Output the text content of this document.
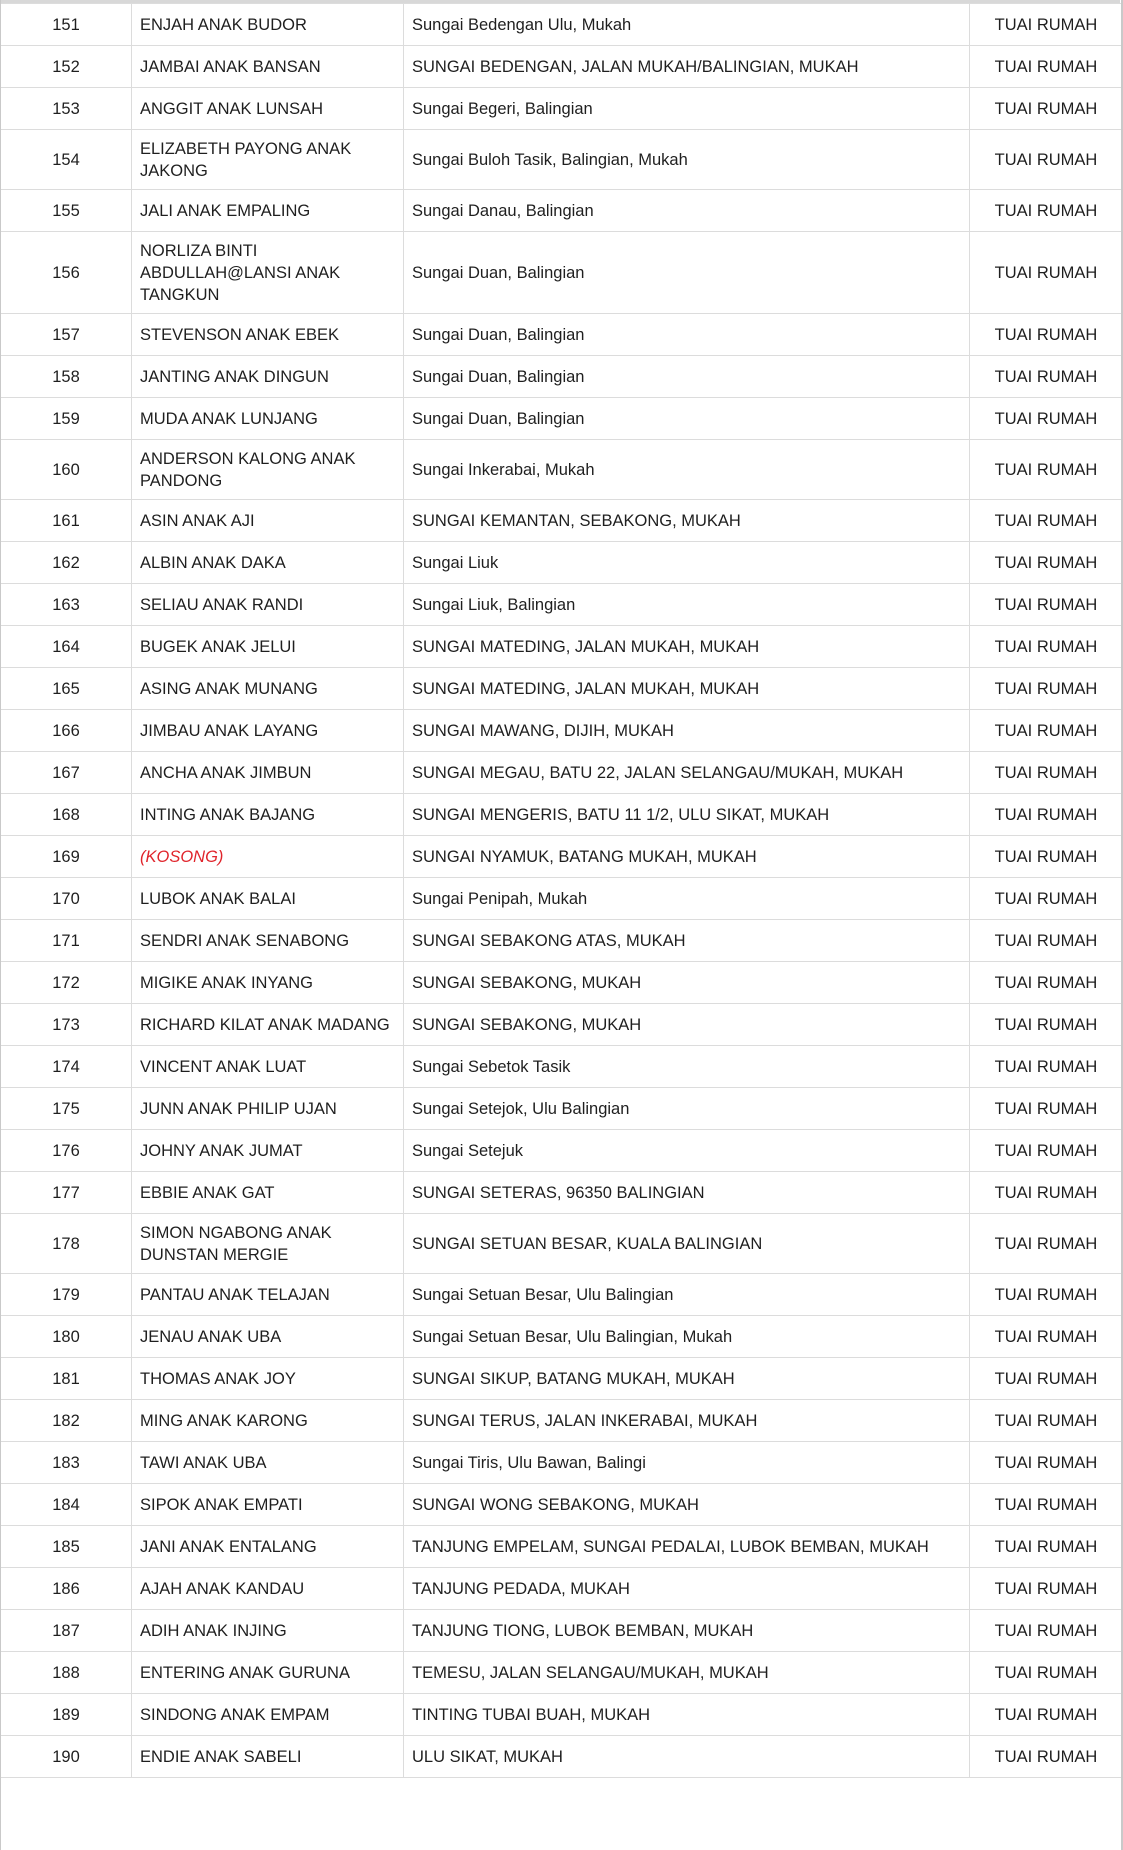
151	ENJAH ANAK BUDOR	Sungai Bedengan Ulu, Mukah	TUAI RUMAH
152	JAMBAI ANAK BANSAN	SUNGAI BEDENGAN, JALAN MUKAH/BALINGIAN, MUKAH	TUAI RUMAH
153	ANGGIT ANAK LUNSAH	Sungai Begeri, Balingian	TUAI RUMAH
154	ELIZABETH PAYONG ANAK JAKONG	Sungai Buloh Tasik, Balingian, Mukah	TUAI RUMAH
155	JALI ANAK EMPALING	Sungai Danau, Balingian	TUAI RUMAH
156	NORLIZA BINTI ABDULLAH@LANSI ANAK TANGKUN	Sungai Duan, Balingian	TUAI RUMAH
157	STEVENSON ANAK EBEK	Sungai Duan, Balingian	TUAI RUMAH
158	JANTING ANAK DINGUN	Sungai Duan, Balingian	TUAI RUMAH
159	MUDA ANAK LUNJANG	Sungai Duan, Balingian	TUAI RUMAH
160	ANDERSON KALONG ANAK PANDONG	Sungai Inkerabai, Mukah	TUAI RUMAH
161	ASIN ANAK AJI	SUNGAI KEMANTAN, SEBAKONG, MUKAH	TUAI RUMAH
162	ALBIN ANAK DAKA	Sungai Liuk	TUAI RUMAH
163	SELIAU ANAK RANDI	Sungai Liuk, Balingian	TUAI RUMAH
164	BUGEK ANAK JELUI	SUNGAI MATEDING, JALAN MUKAH, MUKAH	TUAI RUMAH
165	ASING ANAK MUNANG	SUNGAI MATEDING, JALAN MUKAH, MUKAH	TUAI RUMAH
166	JIMBAU ANAK LAYANG	SUNGAI MAWANG, DIJIH, MUKAH	TUAI RUMAH
167	ANCHA ANAK JIMBUN	SUNGAI MEGAU, BATU 22, JALAN SELANGAU/MUKAH, MUKAH	TUAI RUMAH
168	INTING ANAK BAJANG	SUNGAI MENGERIS, BATU 11 1/2, ULU SIKAT, MUKAH	TUAI RUMAH
169	(KOSONG)	SUNGAI NYAMUK, BATANG MUKAH, MUKAH	TUAI RUMAH
170	LUBOK ANAK BALAI	Sungai Penipah, Mukah	TUAI RUMAH
171	SENDRI ANAK SENABONG	SUNGAI SEBAKONG ATAS, MUKAH	TUAI RUMAH
172	MIGIKE ANAK INYANG	SUNGAI SEBAKONG, MUKAH	TUAI RUMAH
173	RICHARD KILAT ANAK MADANG	SUNGAI SEBAKONG, MUKAH	TUAI RUMAH
174	VINCENT ANAK LUAT	Sungai Sebetok Tasik	TUAI RUMAH
175	JUNN ANAK PHILIP UJAN	Sungai Setejok, Ulu Balingian	TUAI RUMAH
176	JOHNY ANAK JUMAT	Sungai Setejuk	TUAI RUMAH
177	EBBIE ANAK GAT	SUNGAI SETERAS, 96350 BALINGIAN	TUAI RUMAH
178	SIMON NGABONG ANAK DUNSTAN MERGIE	SUNGAI SETUAN BESAR, KUALA BALINGIAN	TUAI RUMAH
179	PANTAU ANAK TELAJAN	Sungai Setuan Besar, Ulu Balingian	TUAI RUMAH
180	JENAU ANAK UBA	Sungai Setuan Besar, Ulu Balingian, Mukah	TUAI RUMAH
181	THOMAS ANAK JOY	SUNGAI SIKUP, BATANG MUKAH, MUKAH	TUAI RUMAH
182	MING ANAK KARONG	SUNGAI TERUS, JALAN INKERABAI, MUKAH	TUAI RUMAH
183	TAWI ANAK UBA	Sungai Tiris, Ulu Bawan, Balingi	TUAI RUMAH
184	SIPOK ANAK EMPATI	SUNGAI WONG SEBAKONG, MUKAH	TUAI RUMAH
185	JANI ANAK ENTALANG	TANJUNG EMPELAM, SUNGAI PEDALAI, LUBOK BEMBAN, MUKAH	TUAI RUMAH
186	AJAH ANAK KANDAU	TANJUNG PEDADA, MUKAH	TUAI RUMAH
187	ADIH ANAK INJING	TANJUNG TIONG, LUBOK BEMBAN, MUKAH	TUAI RUMAH
188	ENTERING ANAK GURUNA	TEMESU, JALAN SELANGAU/MUKAH, MUKAH	TUAI RUMAH
189	SINDONG ANAK EMPAM	TINTING TUBAI BUAH, MUKAH	TUAI RUMAH
190	ENDIE ANAK SABELI	ULU SIKAT, MUKAH	TUAI RUMAH
